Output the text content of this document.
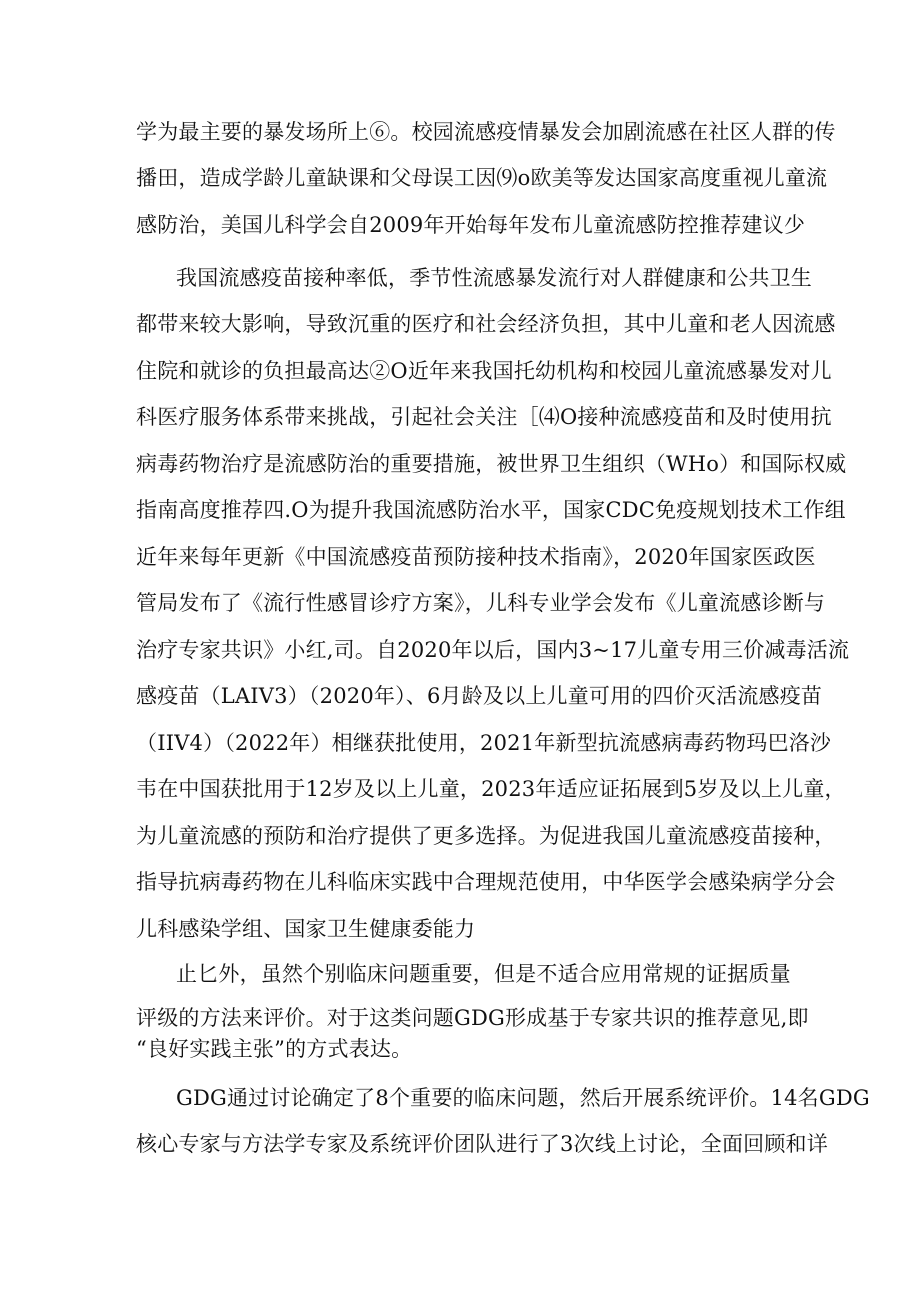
学为最主要的暴发场所上⑥。校园流感疫情暴发会加剧流感在社区人群的传
播田，造成学龄儿童缺课和父母误工因⑼o欧美等发达国家高度重视儿童流
感防治，美国儿科学会自2009年开始每年发布儿童流感防控推荐建议少
我国流感疫苗接种率低，季节性流感暴发流行对人群健康和公共卫生
都带来较大影响，导致沉重的医疗和社会经济负担，其中儿童和老人因流感
住院和就诊的负担最高达②O近年来我国托幼机构和校园儿童流感暴发对儿
科医疗服务体系带来挑战，引起社会关注［⑷O接种流感疫苗和及时使用抗
病毒药物治疗是流感防治的重要措施，被世界卫生组织（WHo）和国际权威
指南高度推荐四.O为提升我国流感防治水平，国家CDC免疫规划技术工作组
近年来每年更新《中国流感疫苗预防接种技术指南》，2020年国家医政医
管局发布了《流行性感冒诊疗方案》，儿科专业学会发布《儿童流感诊断与
治疗专家共识》小红,司。自2020年以后，国内3~17儿童专用三价减毒活流
感疫苗（LAIV3）（2020年）、6月龄及以上儿童可用的四价灭活流感疫苗
（IIV4）（2022年）相继获批使用，2021年新型抗流感病毒药物玛巴洛沙
韦在中国获批用于12岁及以上儿童，2023年适应证拓展到5岁及以上儿童，
为儿童流感的预防和治疗提供了更多选择。为促进我国儿童流感疫苗接种，
指导抗病毒药物在儿科临床实践中合理规范使用，中华医学会感染病学分会
儿科感染学组、国家卫生健康委能力
止匕外，虽然个别临床问题重要，但是不适合应用常规的证据质量
评级的方法来评价。对于这类问题GDG形成基于专家共识的推荐意见,即
“良好实践主张”的方式表达。
GDG通过讨论确定了8个重要的临床问题，然后开展系统评价。14名GDG
核心专家与方法学专家及系统评价团队进行了3次线上讨论，全面回顾和详
